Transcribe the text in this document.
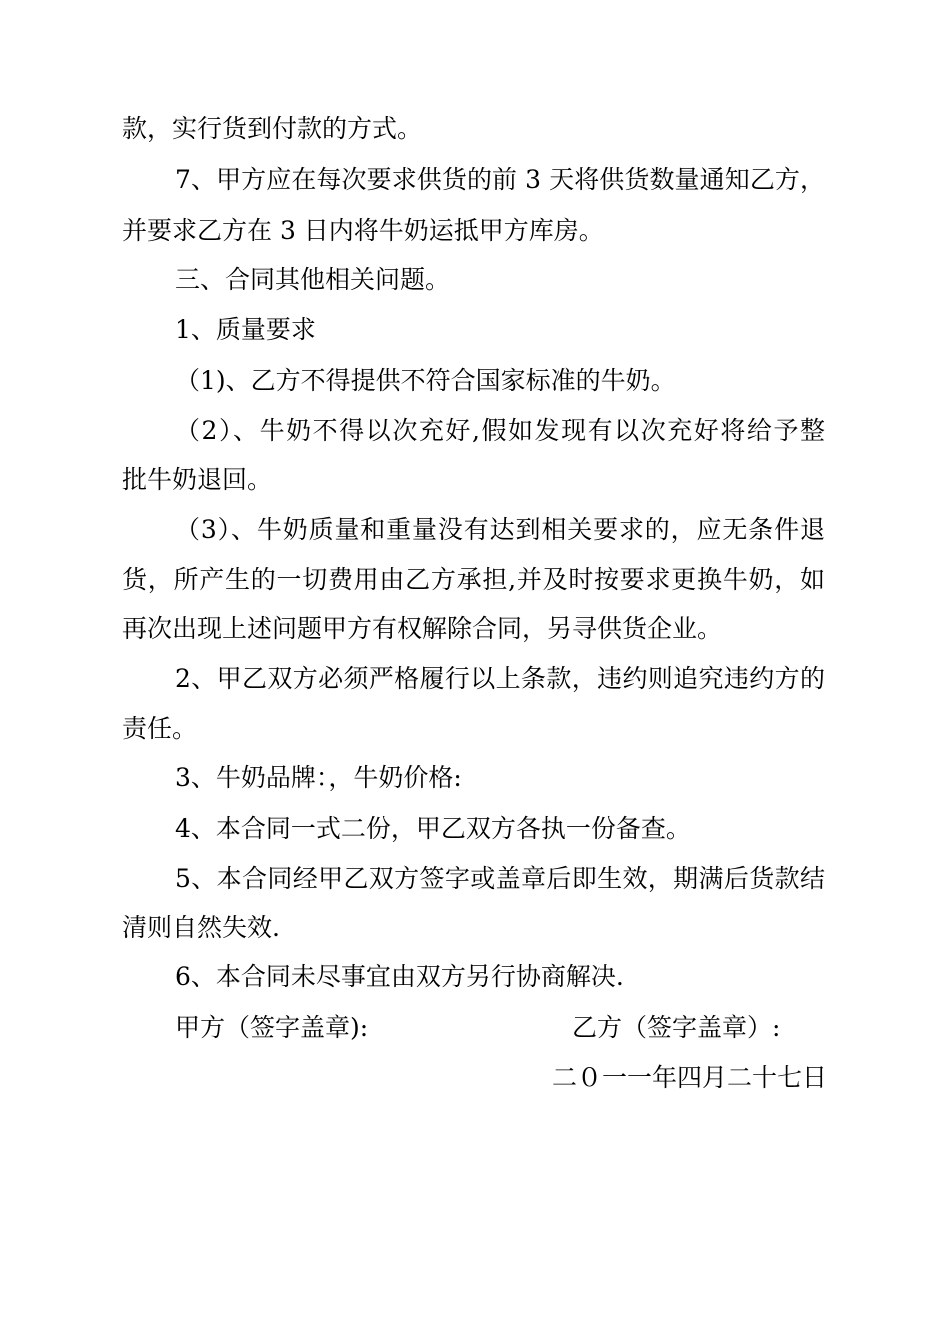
款，实行货到付款的方式。
7、甲方应在每次要求供货的前 3 天将供货数量通知乙方，
并要求乙方在 3 日内将牛奶运抵甲方库房。
三、合同其他相关问题。
1、质量要求
（1)、乙方不得提供不符合国家标准的牛奶。
（2）、牛奶不得以次充好,假如发现有以次充好将给予整
批牛奶退回。
（3）、牛奶质量和重量没有达到相关要求的，应无条件退
货，所产生的一切费用由乙方承担,并及时按要求更换牛奶，如
再次出现上述问题甲方有权解除合同，另寻供货企业。
2、甲乙双方必须严格履行以上条款，违约则追究违约方的
责任。
3、牛奶品牌：，牛奶价格:
4、本合同一式二份，甲乙双方各执一份备查。
5、本合同经甲乙双方签字或盖章后即生效，期满后货款结
清则自然失效.
6、本合同未尽事宜由双方另行协商解决.
甲方（签字盖章):	乙方（签字盖章）:
二０一一年四月二十七日
